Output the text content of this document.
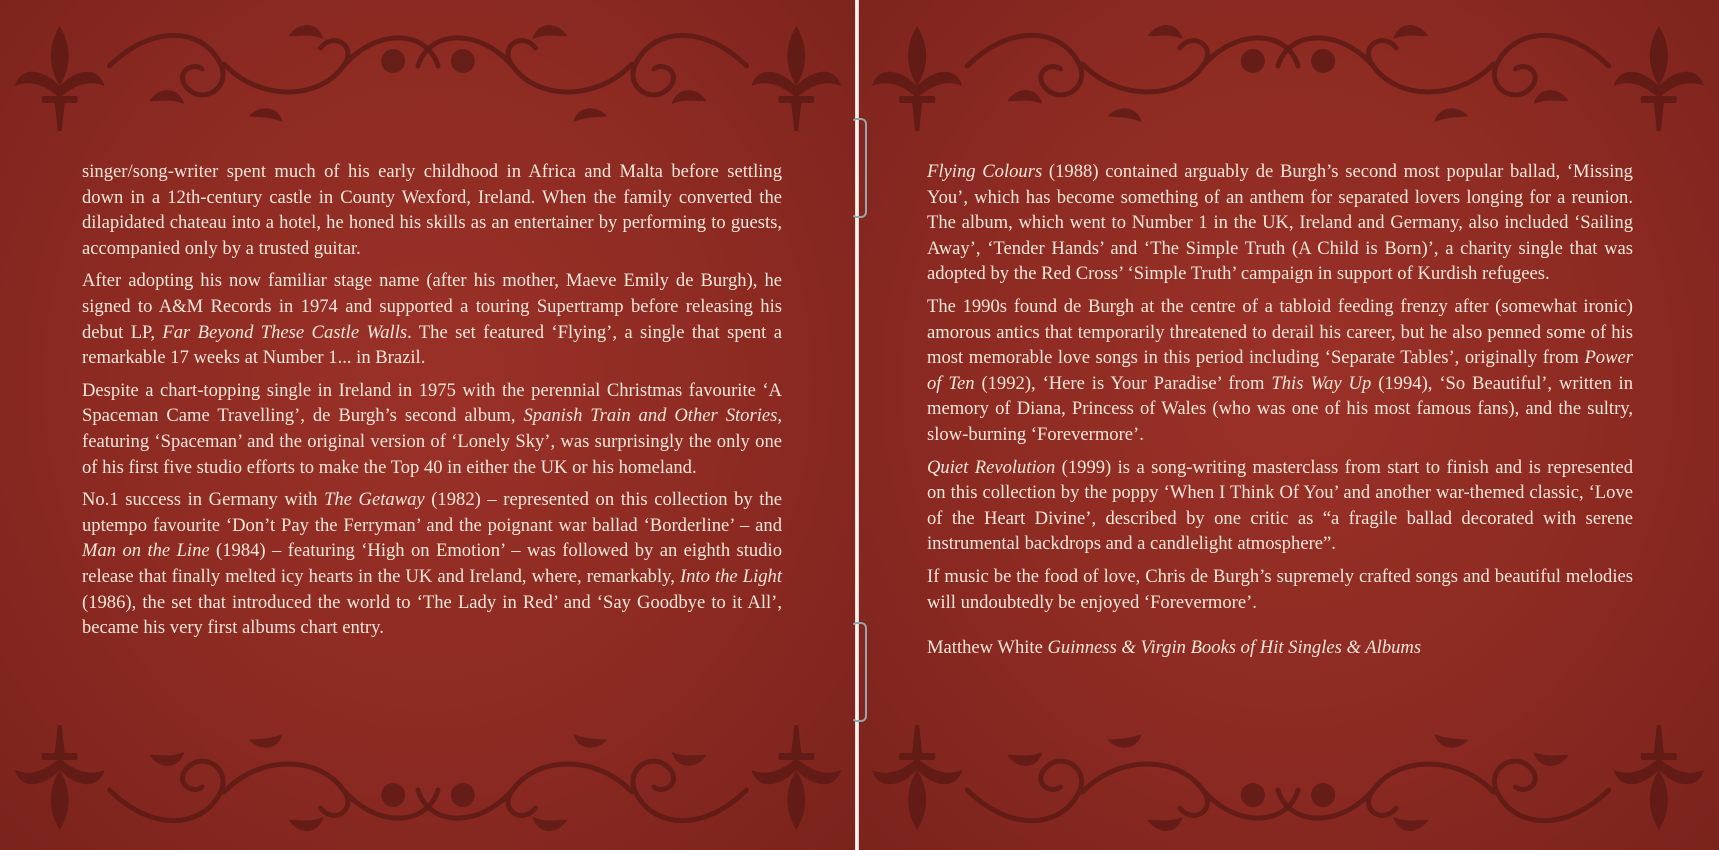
singer/song-writer spent much of his early childhood in Africa and Malta before settling down in a 12th-century castle in County Wexford, Ireland. When the family converted the dilapidated chateau into a hotel, he honed his skills as an entertainer by performing to guests, accompanied only by a trusted guitar.

After adopting his now familiar stage name (after his mother, Maeve Emily de Burgh), he signed to A&M Records in 1974 and supported a touring Supertramp before releasing his debut LP, Far Beyond These Castle Walls. The set featured ‘Flying’, a single that spent a remarkable 17 weeks at Number 1... in Brazil.

Despite a chart-topping single in Ireland in 1975 with the perennial Christmas favourite ‘A Spaceman Came Travelling’, de Burgh’s second album, Spanish Train and Other Stories, featuring ‘Spaceman’ and the original version of ‘Lonely Sky’, was surprisingly the only one of his first five studio efforts to make the Top 40 in either the UK or his homeland.

No.1 success in Germany with The Getaway (1982) – represented on this collection by the uptempo favourite ‘Don’t Pay the Ferryman’ and the poignant war ballad ‘Borderline’ – and Man on the Line (1984) – featuring ‘High on Emotion’ – was followed by an eighth studio release that finally melted icy hearts in the UK and Ireland, where, remarkably, Into the Light (1986), the set that introduced the world to ‘The Lady in Red’ and ‘Say Goodbye to it All’, became his very first albums chart entry.

Flying Colours (1988) contained arguably de Burgh’s second most popular ballad, ‘Missing You’, which has become something of an anthem for separated lovers longing for a reunion. The album, which went to Number 1 in the UK, Ireland and Germany, also included ‘Sailing Away’, ‘Tender Hands’ and ‘The Simple Truth (A Child is Born)’, a charity single that was adopted by the Red Cross’ ‘Simple Truth’ campaign in support of Kurdish refugees.

The 1990s found de Burgh at the centre of a tabloid feeding frenzy after (somewhat ironic) amorous antics that temporarily threatened to derail his career, but he also penned some of his most memorable love songs in this period including ‘Separate Tables’, originally from Power of Ten (1992), ‘Here is Your Paradise’ from This Way Up (1994), ‘So Beautiful’, written in memory of Diana, Princess of Wales (who was one of his most famous fans), and the sultry, slow-burning ‘Forevermore’.

Quiet Revolution (1999) is a song-writing masterclass from start to finish and is represented on this collection by the poppy ‘When I Think Of You’ and another war-themed classic, ‘Love of the Heart Divine’, described by one critic as “a fragile ballad decorated with serene instrumental backdrops and a candlelight atmosphere”.

If music be the food of love, Chris de Burgh’s supremely crafted songs and beautiful melodies will undoubtedly be enjoyed ‘Forevermore’.

Matthew White Guinness & Virgin Books of Hit Singles & Albums
